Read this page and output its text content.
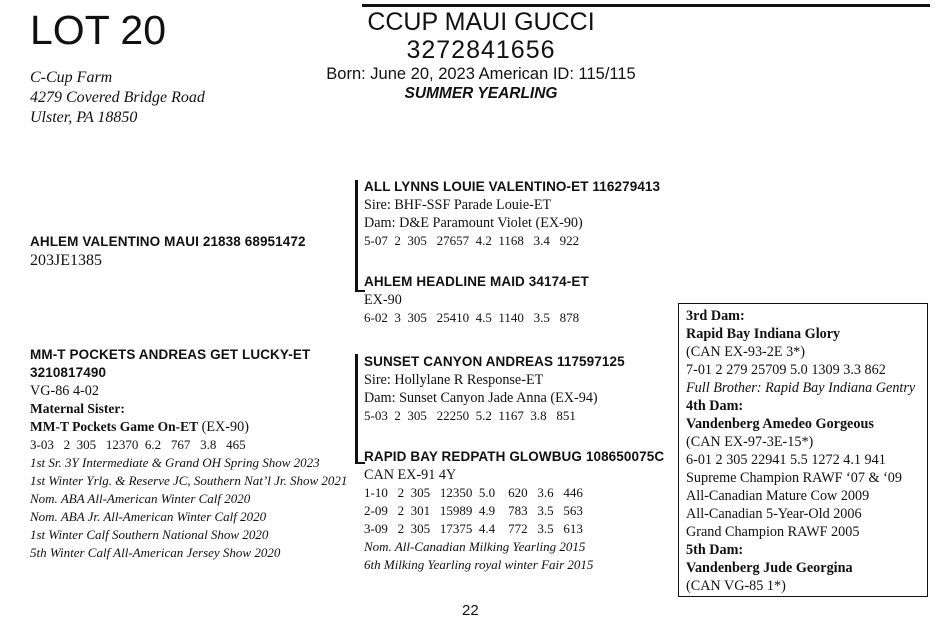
LOT 20	CCUP MAUI GUCCI
3272841656
Born: June 20, 2023 American ID: 115/115
SUMMER YEARLING
C-Cup Farm
4279 Covered Bridge Road
Ulster, PA 18850
AHLEM VALENTINO MAUI 21838 68951472
203JE1385
ALL LYNNS LOUIE VALENTINO-ET 116279413
Sire: BHF-SSF Parade Louie-ET
Dam: D&E Paramount Violet (EX-90)
5-07  2  305   27657  4.2  1168   3.4   922
AHLEM HEADLINE MAID 34174-ET
EX-90
6-02  3  305   25410  4.5  1140   3.5   878
MM-T POCKETS ANDREAS GET LUCKY-ET
3210817490
VG-86 4-02
Maternal Sister:
MM-T Pockets Game On-ET (EX-90)
3-03   2  305   12370  6.2   767   3.8   465
1st Sr. 3Y Intermediate & Grand OH Spring Show 2023
1st Winter Yrlg. & Reserve JC, Southern Nat’l Jr. Show 2021
Nom. ABA All-American Winter Calf 2020
Nom. ABA Jr. All-American Winter Calf 2020
1st Winter Calf Southern National Show 2020
5th Winter Calf All-American Jersey Show 2020
SUNSET CANYON ANDREAS 117597125
Sire: Hollylane R Response-ET
Dam: Sunset Canyon Jade Anna (EX-94)
5-03  2  305   22250  5.2  1167  3.8   851
RAPID BAY REDPATH GLOWBUG 108650075C
CAN EX-91 4Y
1-10   2  305   12350  5.0    620   3.6   446
2-09   2  301   15989  4.9    783   3.5   563
3-09   2  305   17375  4.4    772   3.5   613
Nom. All-Canadian Milking Yearling 2015
6th Milking Yearling royal winter Fair 2015
3rd Dam:
Rapid Bay Indiana Glory
(CAN EX-93-2E 3*)
7-01 2 279 25709 5.0 1309 3.3 862
Full Brother: Rapid Bay Indiana Gentry
4th Dam:
Vandenberg Amedeo Gorgeous
(CAN EX-97-3E-15*)
6-01 2 305 22941 5.5 1272 4.1 941
Supreme Champion RAWF ‘07 & ‘09
All-Canadian Mature Cow 2009
All-Canadian 5-Year-Old 2006
Grand Champion RAWF 2005
5th Dam:
Vandenberg Jude Georgina
(CAN VG-85 1*)
22
